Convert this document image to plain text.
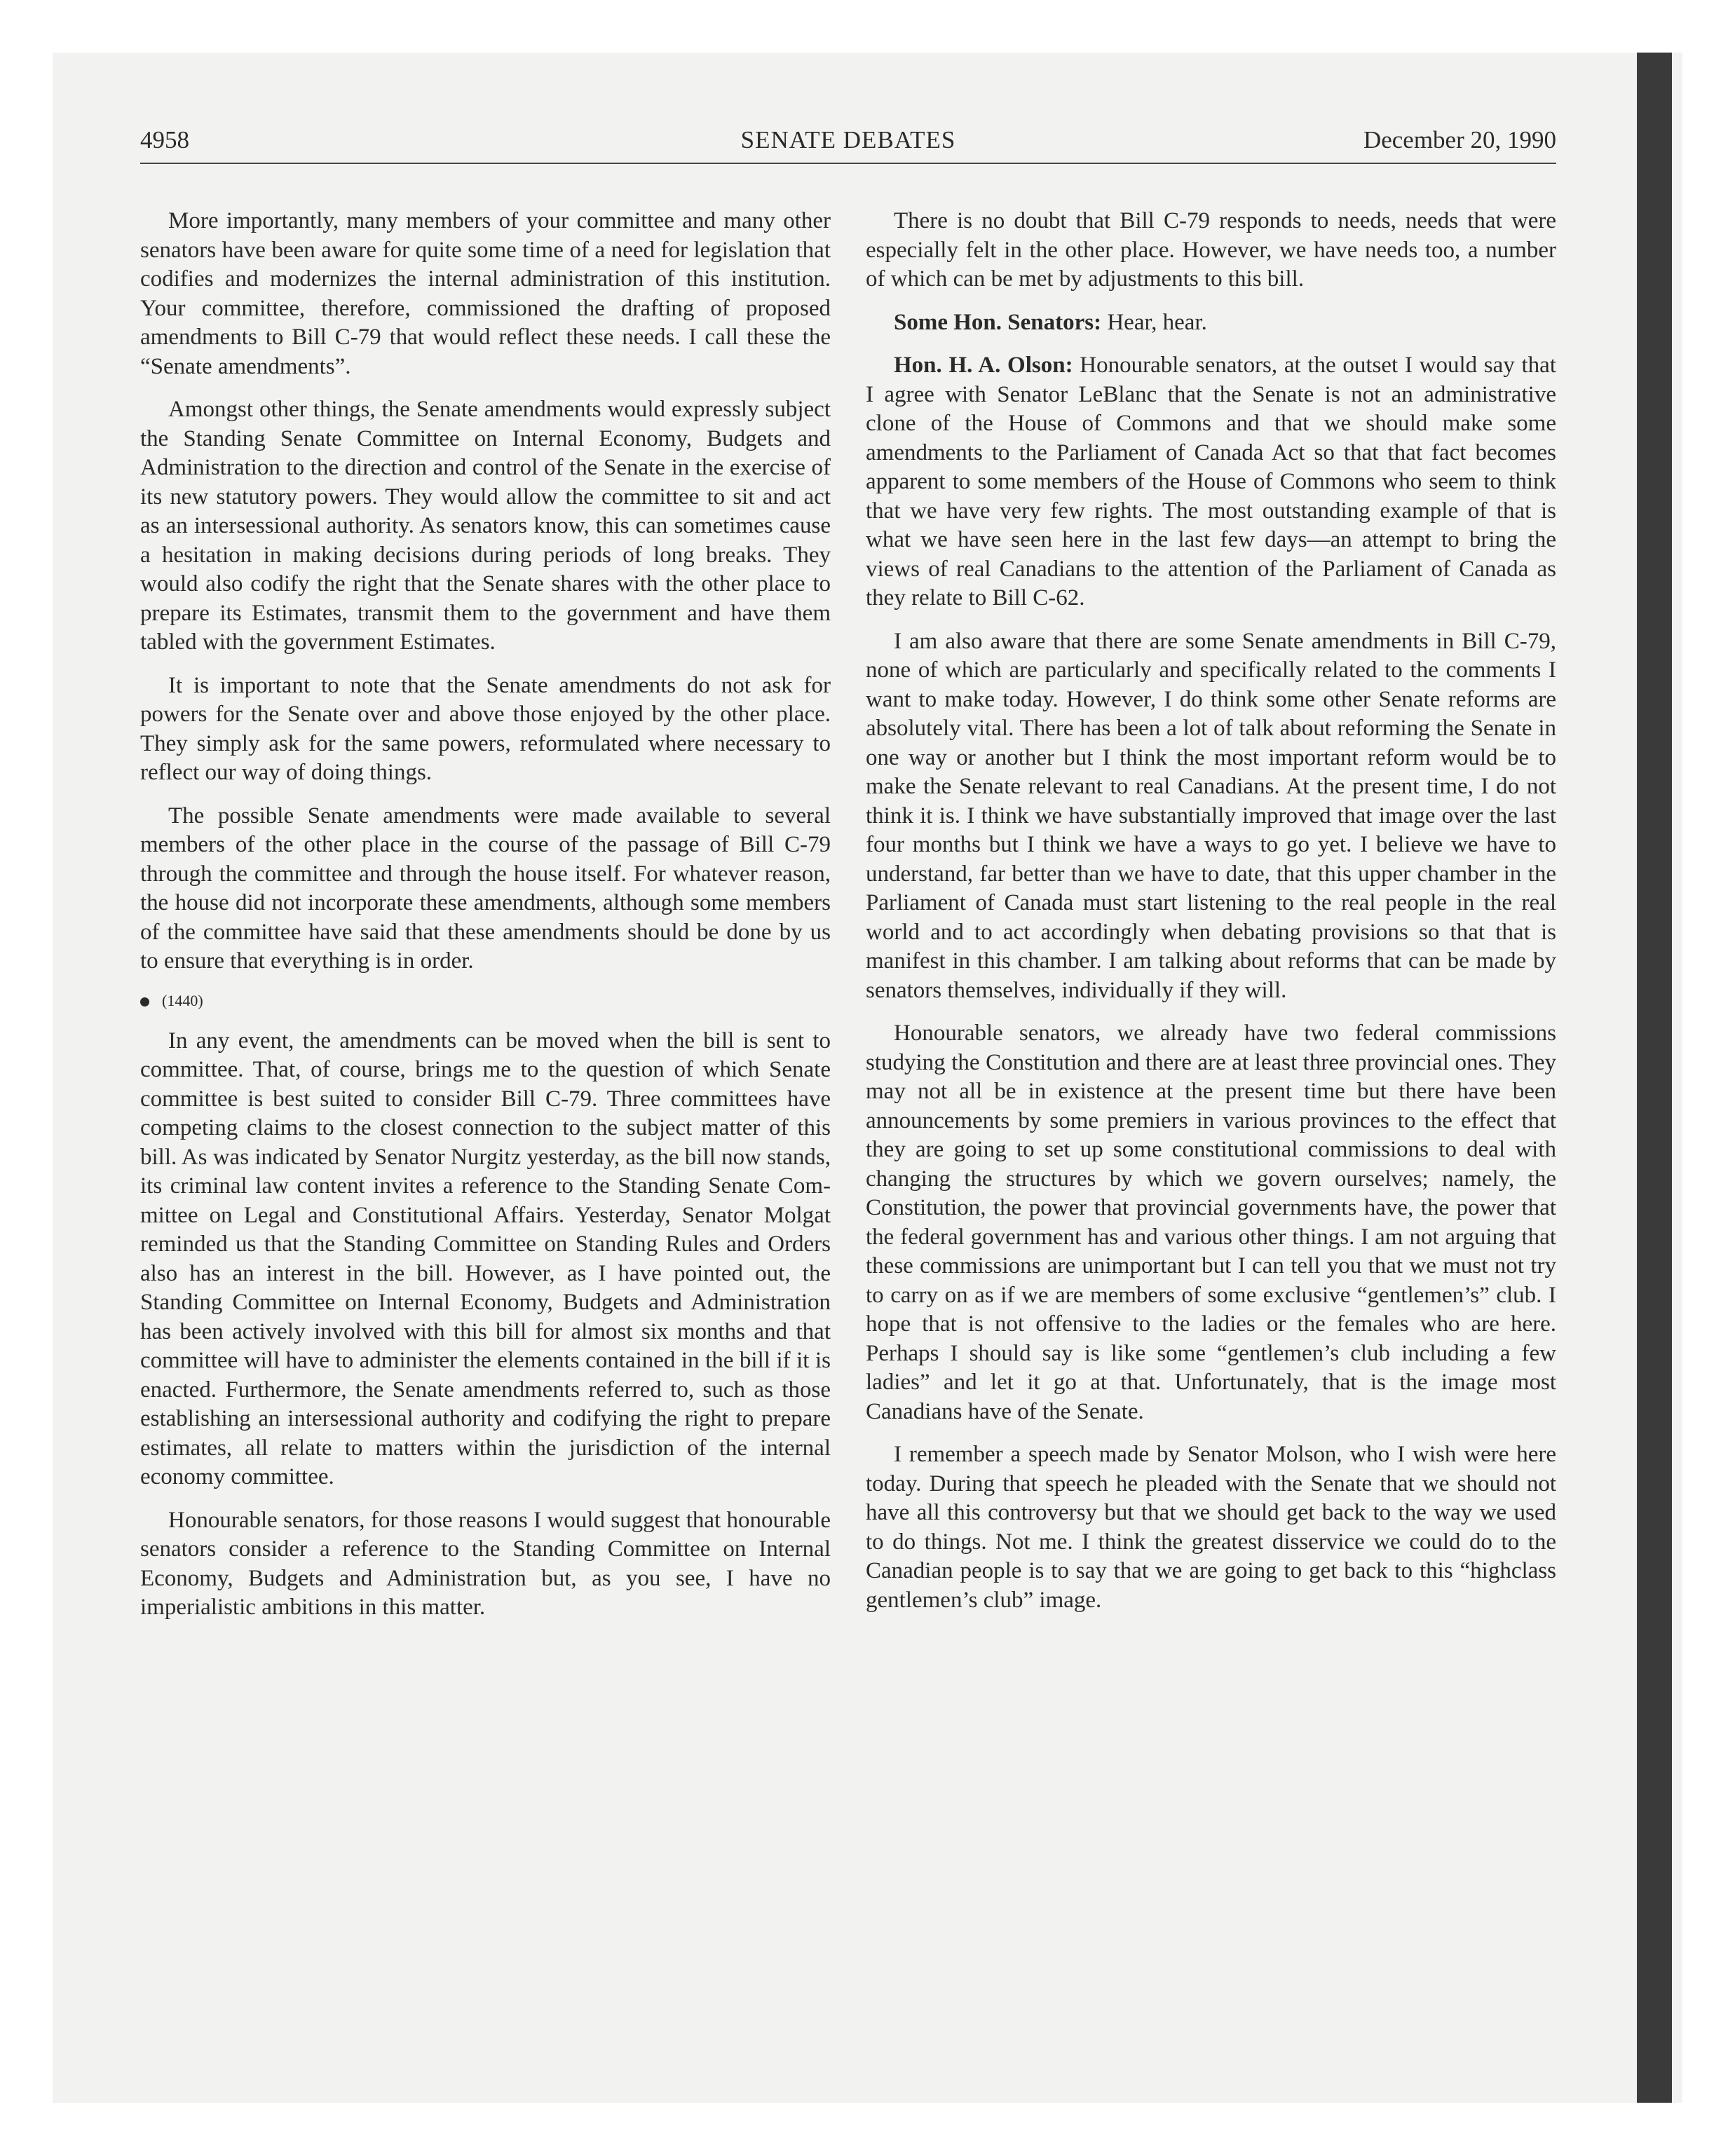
4958	SENATE DEBATES	December 20, 1990

More importantly, many members of your committee and many other senators have been aware for quite some time of a need for legislation that codifies and modernizes the internal administration of this institution. Your committee, therefore, commissioned the drafting of proposed amendments to Bill C-79 that would reflect these needs. I call these the “Senate amendments”.

Amongst other things, the Senate amendments would expressly subject the Standing Senate Committee on Internal Economy, Budgets and Administration to the direction and control of the Senate in the exercise of its new statutory powers. They would allow the committee to sit and act as an intersessional authority. As senators know, this can sometimes cause a hesitation in making decisions during periods of long breaks. They would also codify the right that the Senate shares with the other place to prepare its Estimates, transmit them to the government and have them tabled with the government Estimates.

It is important to note that the Senate amendments do not ask for powers for the Senate over and above those enjoyed by the other place. They simply ask for the same powers, reformulated where necessary to reflect our way of doing things.

The possible Senate amendments were made available to several members of the other place in the course of the passage of Bill C-79 through the committee and through the house itself. For whatever reason, the house did not incorporate these amendments, although some members of the committee have said that these amendments should be done by us to ensure that everything is in order.

(1440)

In any event, the amendments can be moved when the bill is sent to committee. That, of course, brings me to the question of which Senate committee is best suited to consider Bill C-79. Three committees have competing claims to the closest connection to the subject matter of this bill. As was indicated by Senator Nurgitz yesterday, as the bill now stands, its criminal law content invites a reference to the Standing Senate Committee on Legal and Constitutional Affairs. Yesterday, Senator Molgat reminded us that the Standing Committee on Standing Rules and Orders also has an interest in the bill. However, as I have pointed out, the Standing Committee on Internal Economy, Budgets and Administration has been actively involved with this bill for almost six months and that committee will have to administer the elements contained in the bill if it is enacted. Furthermore, the Senate amendments referred to, such as those establishing an intersessional authority and codifying the right to prepare estimates, all relate to matters within the jurisdiction of the internal economy committee.

Honourable senators, for those reasons I would suggest that honourable senators consider a reference to the Standing Committee on Internal Economy, Budgets and Administration but, as you see, I have no imperialistic ambitions in this matter.

There is no doubt that Bill C-79 responds to needs, needs that were especially felt in the other place. However, we have needs too, a number of which can be met by adjustments to this bill.

Some Hon. Senators: Hear, hear.

Hon. H. A. Olson: Honourable senators, at the outset I would say that I agree with Senator LeBlanc that the Senate is not an administrative clone of the House of Commons and that we should make some amendments to the Parliament of Canada Act so that that fact becomes apparent to some members of the House of Commons who seem to think that we have very few rights. The most outstanding example of that is what we have seen here in the last few days—an attempt to bring the views of real Canadians to the attention of the Parliament of Canada as they relate to Bill C-62.

I am also aware that there are some Senate amendments in Bill C-79, none of which are particularly and specifically related to the comments I want to make today. However, I do think some other Senate reforms are absolutely vital. There has been a lot of talk about reforming the Senate in one way or another but I think the most important reform would be to make the Senate relevant to real Canadians. At the present time, I do not think it is. I think we have substantially improved that image over the last four months but I think we have a ways to go yet. I believe we have to understand, far better than we have to date, that this upper chamber in the Parliament of Canada must start listening to the real people in the real world and to act accordingly when debating provisions so that that is manifest in this chamber. I am talking about reforms that can be made by senators themselves, individually if they will.

Honourable senators, we already have two federal commissions studying the Constitution and there are at least three provincial ones. They may not all be in existence at the present time but there have been announcements by some premiers in various provinces to the effect that they are going to set up some constitutional commissions to deal with changing the structures by which we govern ourselves; namely, the Constitution, the power that provincial governments have, the power that the federal government has and various other things. I am not arguing that these commissions are unimportant but I can tell you that we must not try to carry on as if we are members of some exclusive “gentlemen’s” club. I hope that is not offensive to the ladies or the females who are here. Perhaps I should say is like some “gentlemen’s club including a few ladies” and let it go at that. Unfortunately, that is the image most Canadians have of the Senate.

I remember a speech made by Senator Molson, who I wish were here today. During that speech he pleaded with the Senate that we should not have all this controversy but that we should get back to the way we used to do things. Not me. I think the greatest disservice we could do to the Canadian people is to say that we are going to get back to this “highclass gentlemen’s club” image.
